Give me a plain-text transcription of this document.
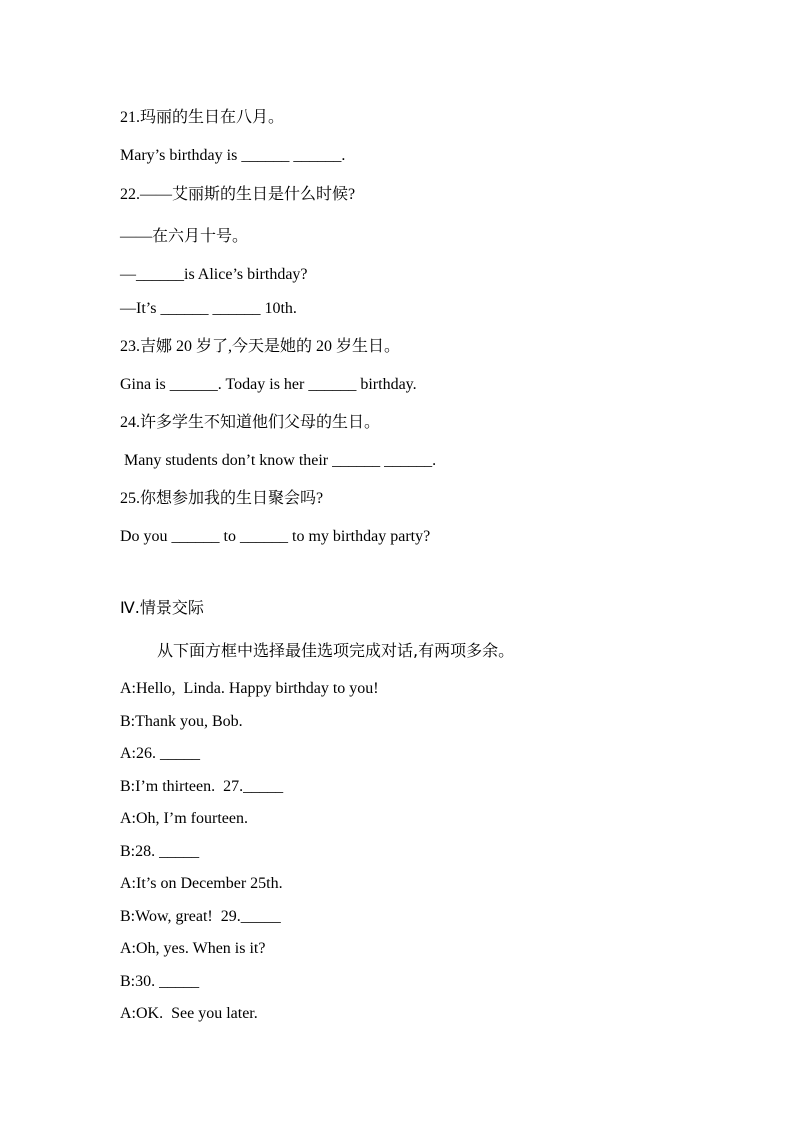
21.玛丽的生日在八月。
Mary’s birthday is ______ ______.
22.——艾丽斯的生日是什么时候?
——在六月十号。
—______is Alice’s birthday?
—It’s ______ ______ 10th.
23.吉娜 20 岁了,今天是她的 20 岁生日。
Gina is ______. Today is her ______ birthday.
24.许多学生不知道他们父母的生日。
Many students don’t know their ______ ______.
25.你想参加我的生日聚会吗?
Do you ______ to ______ to my birthday party?
Ⅳ.情景交际
从下面方框中选择最佳选项完成对话,有两项多余。
A:Hello,  Linda. Happy birthday to you!
B:Thank you, Bob.
A:26. _____
B:I’m thirteen.  27._____
A:Oh, I’m fourteen.
B:28. _____
A:It’s on December 25th.
B:Wow, great!  29._____
A:Oh, yes. When is it?
B:30. _____
A:OK.  See you later.
